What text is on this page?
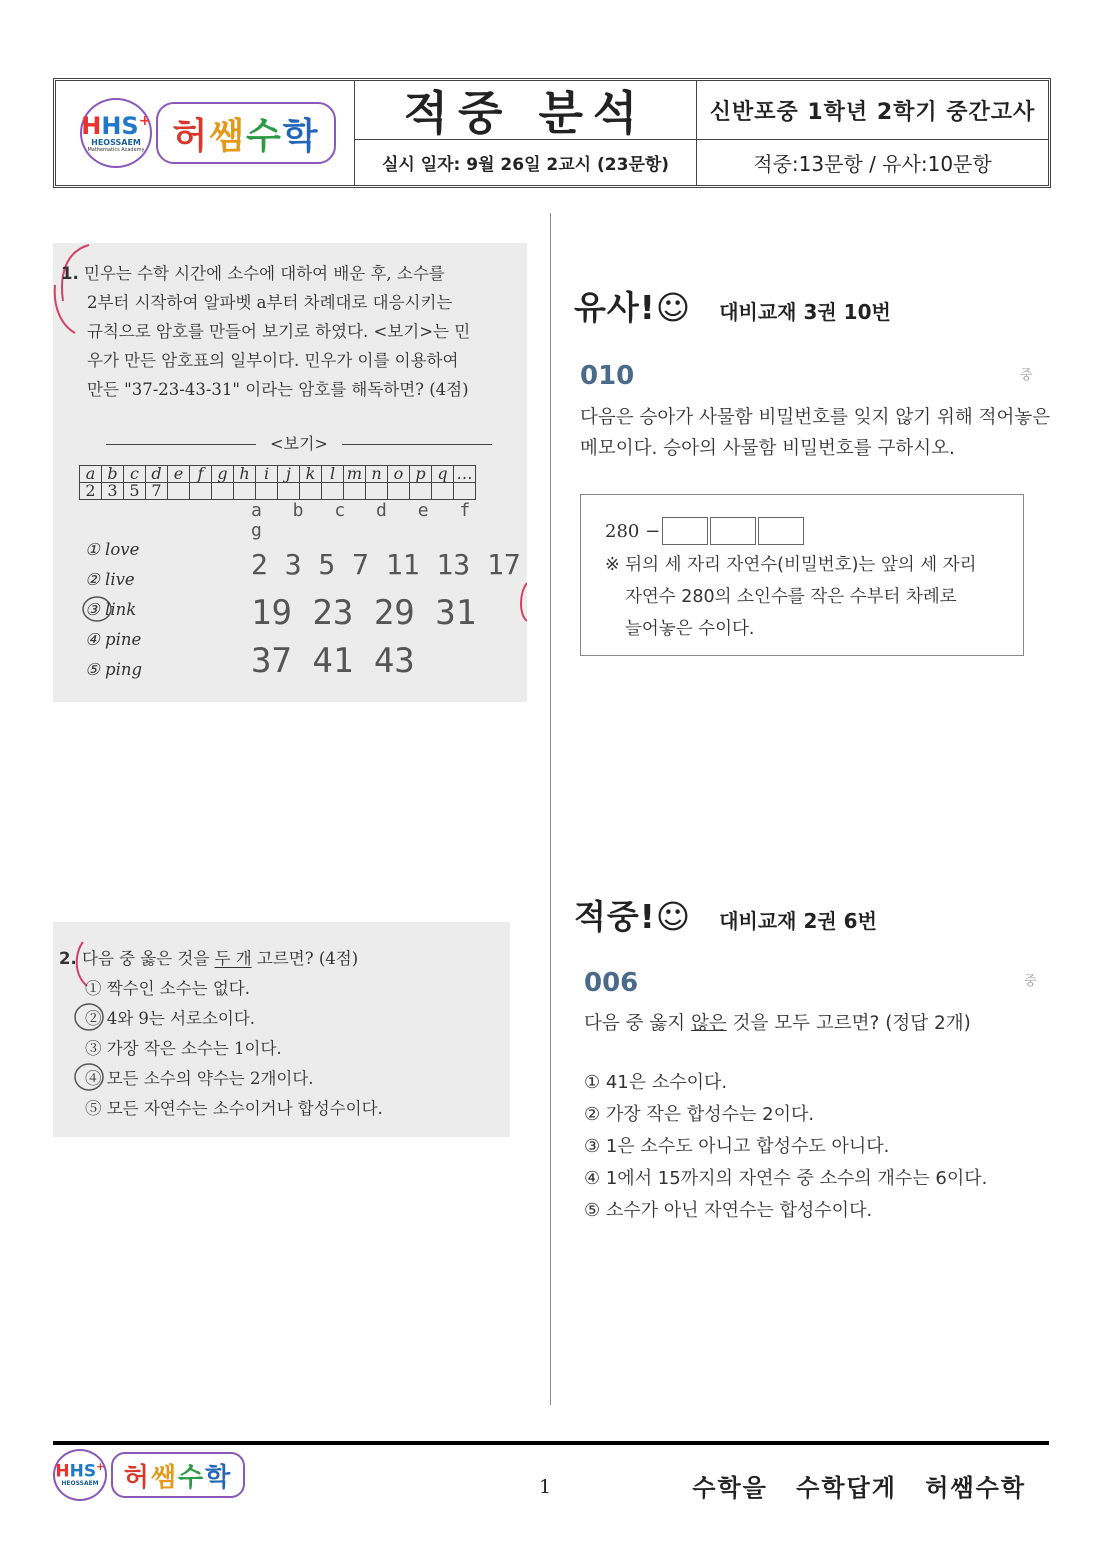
HHS+
HEOSSAEM
Mathematics Academy 허 쌤 수 학	적중 분석
실시 일자: 9월 26일 2교시 (23문항)
신반포중 1학년 2학기 중간고사
적중:13문항 / 유사:10문항

1. 민우는 수학 시간에 소수에 대하여 배운 후, 소수를

2부터 시작하여 알파벳 a부터 차례대로 대응시키는

규칙으로 암호를 만들어 보기로 하였다. <보기>는 민

우가 만든 암호표의 일부이다. 민우가 이를 이용하여

만든 "37-23-43-31" 이라는 암호를 해독하면? (4점)

<보기>
a	b	c	d	e	f	g	h	i	j	k	l	m	n	o	p	q	…
2	3	5	7														
① love
② live
③ link
④ pine
⑤ ping
a b c d e f g
2 3 5 7 11 13 17
19 23 29 31
37 41 43

2. 다음 중 옳은 것을 두 개 고르면? (4점)

① 짝수인 소수는 없다.

② 4와 9는 서로소이다.

③ 가장 작은 소수는 1이다.

④ 모든 소수의 약수는 2개이다.

⑤ 모든 자연수는 소수이거나 합성수이다.

유사!☺ 대비교재 3권 10번
010	중
다음은 승아가 사물함 비밀번호를 잊지 않기 위해 적어놓은
메모이다. 승아의 사물함 비밀번호를 구하시오.
280 −
※ 뒤의 세 자리 자연수(비밀번호)는 앞의 세 자리
자연수 280의 소인수를 작은 수부터 차례로
늘어놓은 수이다.
적중!☺ 대비교재 2권 6번
006	중
다음 중 옳지 않은 것을 모두 고르면? (정답 2개)
① 41은 소수이다.
② 가장 작은 합성수는 2이다.
③ 1은 소수도 아니고 합성수도 아니다.
④ 1에서 15까지의 자연수 중 소수의 개수는 6이다.
⑤ 소수가 아닌 자연수는 합성수이다.
HHS+
HEOSSAEM 허 쌤 수 학	1	수학을 수학답게 허쌤수학
